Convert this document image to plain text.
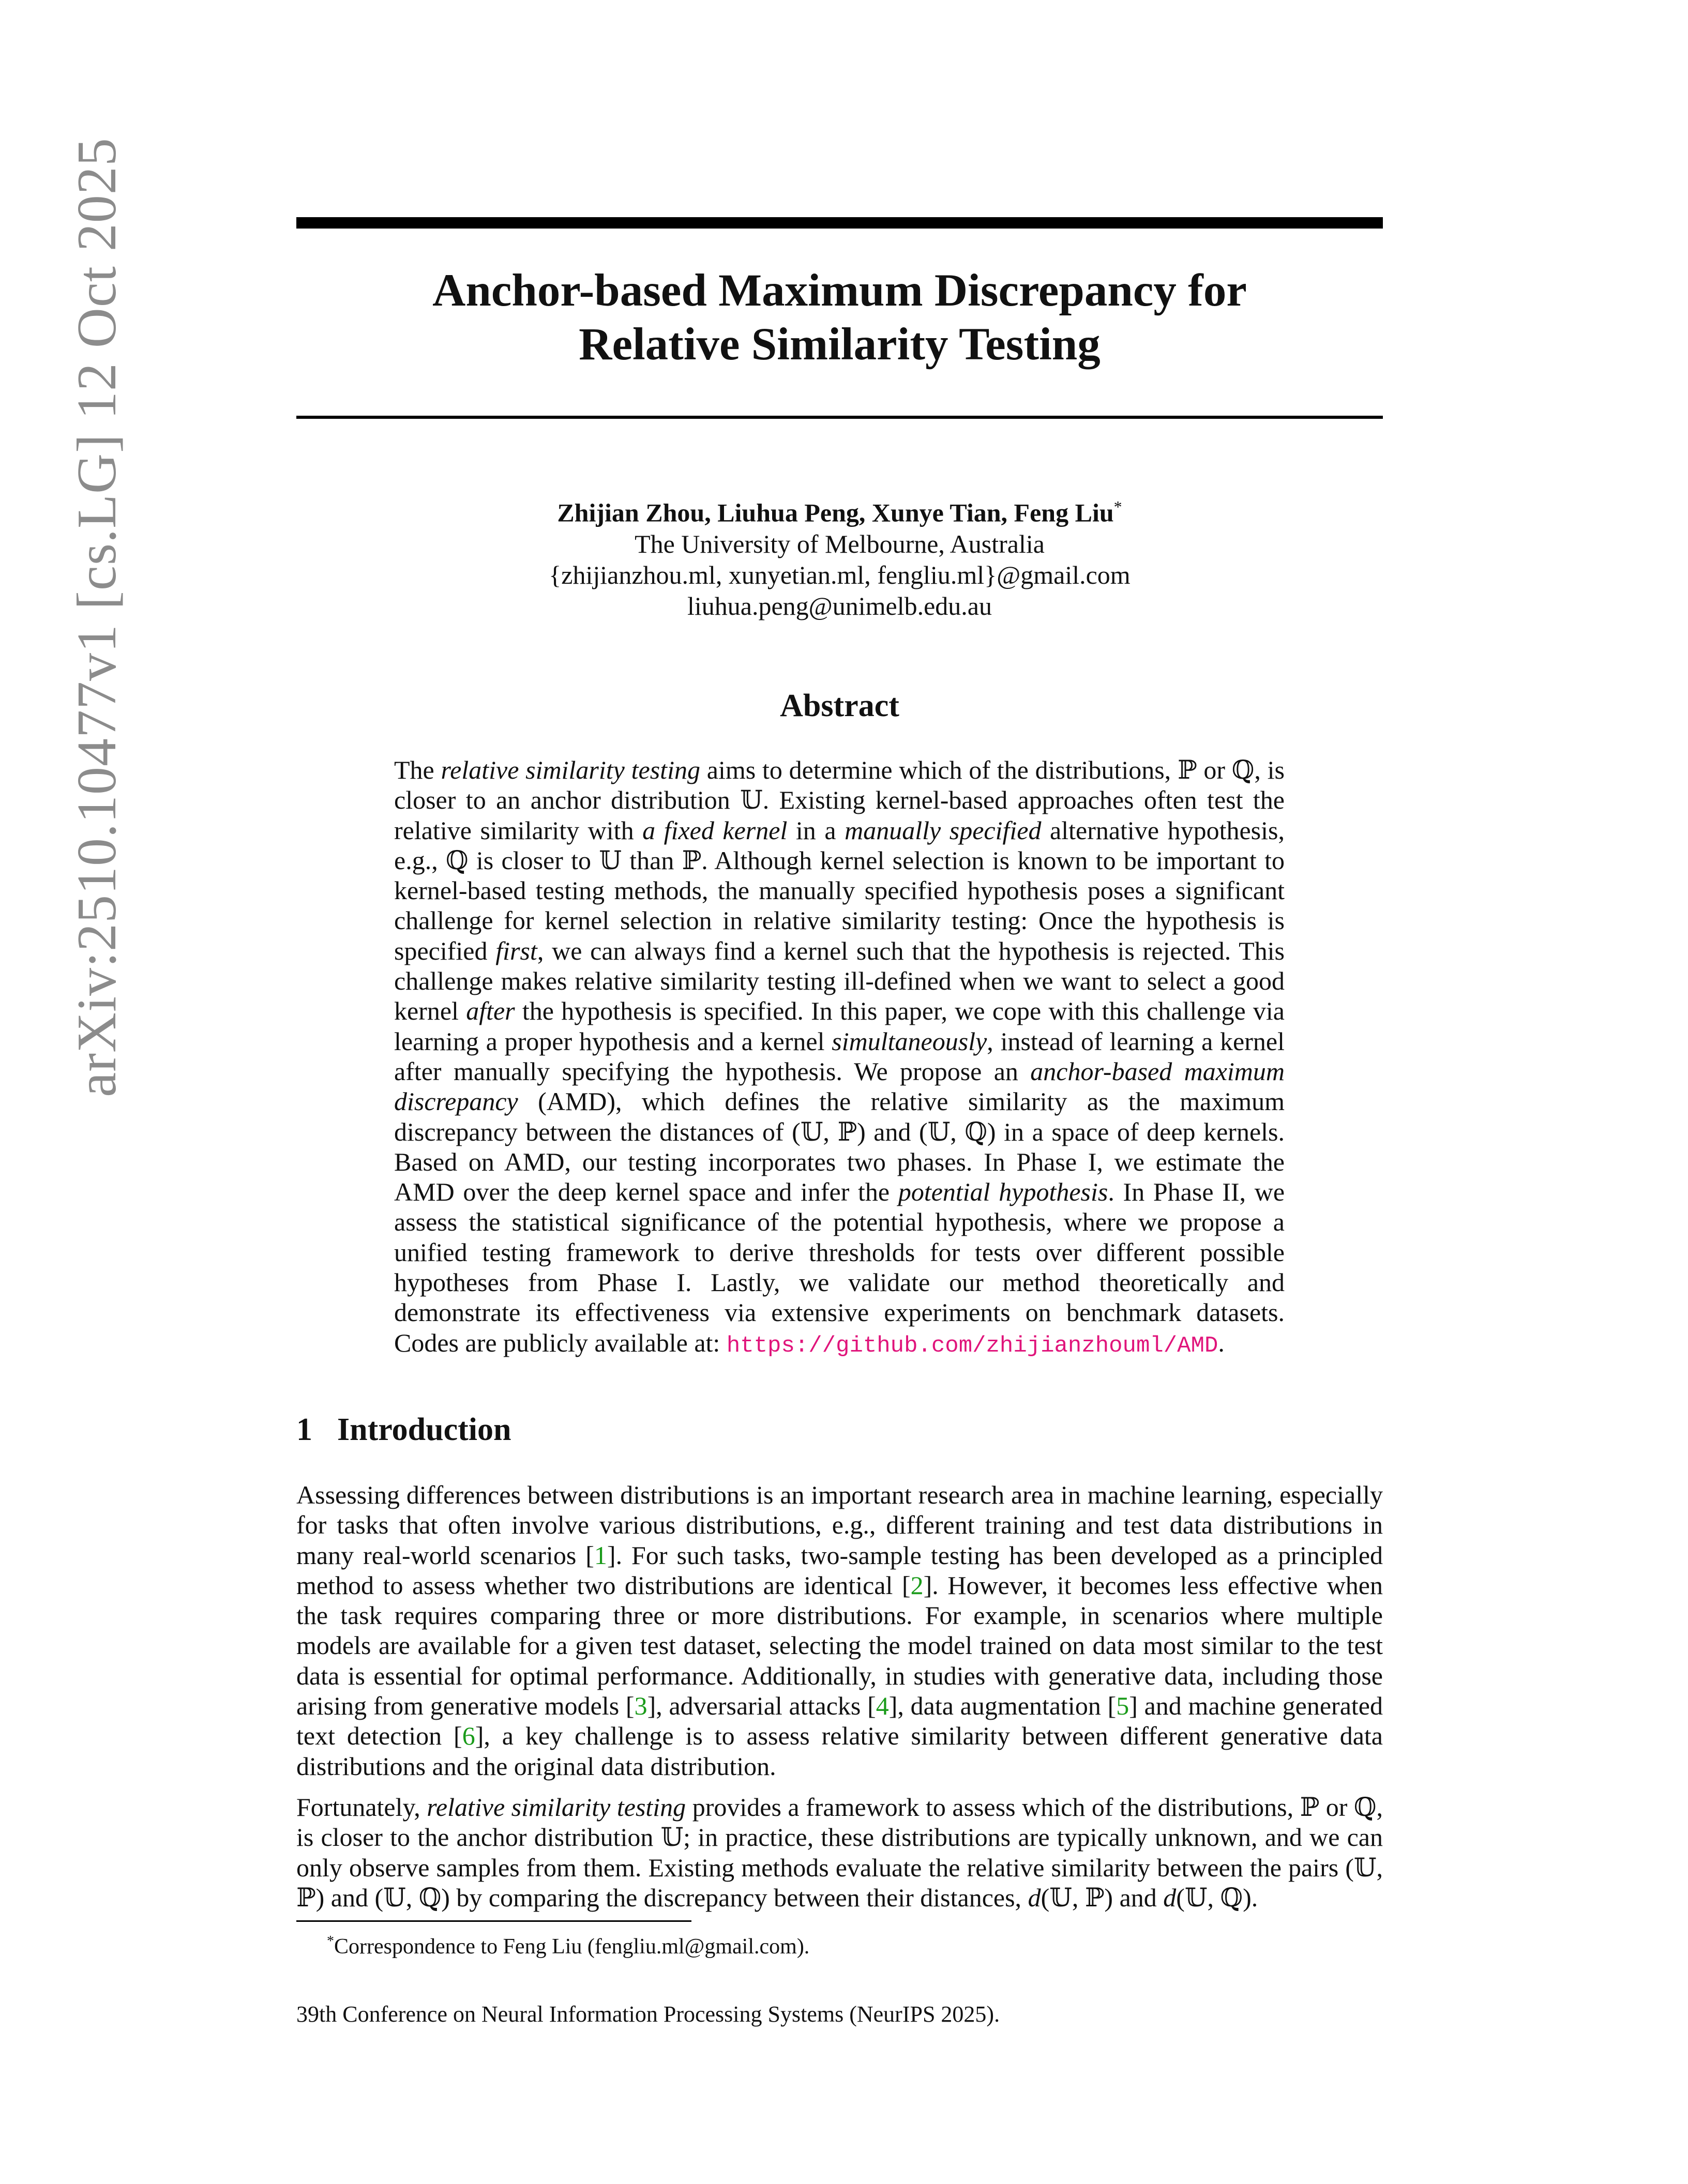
arXiv:2510.10477v1 [cs.LG] 12 Oct 2025	Anchor-based Maximum Discrepancy for
Relative Similarity Testing
Zhijian Zhou, Liuhua Peng, Xunye Tian, Feng Liu*
The University of Melbourne, Australia
{zhijianzhou.ml, xunyetian.ml, fengliu.ml}@gmail.com
liuhua.peng@unimelb.edu.au
Abstract
The relative similarity testing aims to determine which of the distributions, ℙ or ℚ, is closer to an anchor distribution 𝕌. Existing kernel-based approaches often test the relative similarity with a fixed kernel in a manually specified alternative hypothesis, e.g., ℚ is closer to 𝕌 than ℙ. Although kernel selection is known to be important to kernel-based testing methods, the manually specified hypothesis poses a significant challenge for kernel selection in relative similarity testing: Once the hypothesis is specified first, we can always find a kernel such that the hypothesis is rejected. This challenge makes relative similarity testing ill-defined when we want to select a good kernel after the hypothesis is specified. In this paper, we cope with this challenge via learning a proper hypothesis and a kernel simultaneously, instead of learning a kernel after manually specifying the hypothesis. We propose an anchor-based maximum discrepancy (AMD), which defines the relative similarity as the maximum discrepancy between the distances of (𝕌, ℙ) and (𝕌, ℚ) in a space of deep kernels. Based on AMD, our testing incorporates two phases. In Phase I, we estimate the AMD over the deep kernel space and infer the potential hypothesis. In Phase II, we assess the statistical significance of the potential hypothesis, where we propose a unified testing framework to derive thresholds for tests over different possible hypotheses from Phase I. Lastly, we validate our method theoretically and demonstrate its effectiveness via extensive experiments on benchmark datasets. Codes are publicly available at: https://github.com/zhijianzhouml/AMD.
1 Introduction
Assessing differences between distributions is an important research area in machine learning, especially for tasks that often involve various distributions, e.g., different training and test data distributions in many real-world scenarios [1]. For such tasks, two-sample testing has been developed as a principled method to assess whether two distributions are identical [2]. However, it becomes less effective when the task requires comparing three or more distributions. For example, in scenarios where multiple models are available for a given test dataset, selecting the model trained on data most similar to the test data is essential for optimal performance. Additionally, in studies with generative data, including those arising from generative models [3], adversarial attacks [4], data augmentation [5] and machine generated text detection [6], a key challenge is to assess relative similarity between different generative data distributions and the original data distribution.
Fortunately, relative similarity testing provides a framework to assess which of the distributions, ℙ or ℚ, is closer to the anchor distribution 𝕌; in practice, these distributions are typically unknown, and we can only observe samples from them. Existing methods evaluate the relative similarity between the pairs (𝕌, ℙ) and (𝕌, ℚ) by comparing the discrepancy between their distances, d(𝕌, ℙ) and d(𝕌, ℚ).
*Correspondence to Feng Liu (fengliu.ml@gmail.com).
39th Conference on Neural Information Processing Systems (NeurIPS 2025).
